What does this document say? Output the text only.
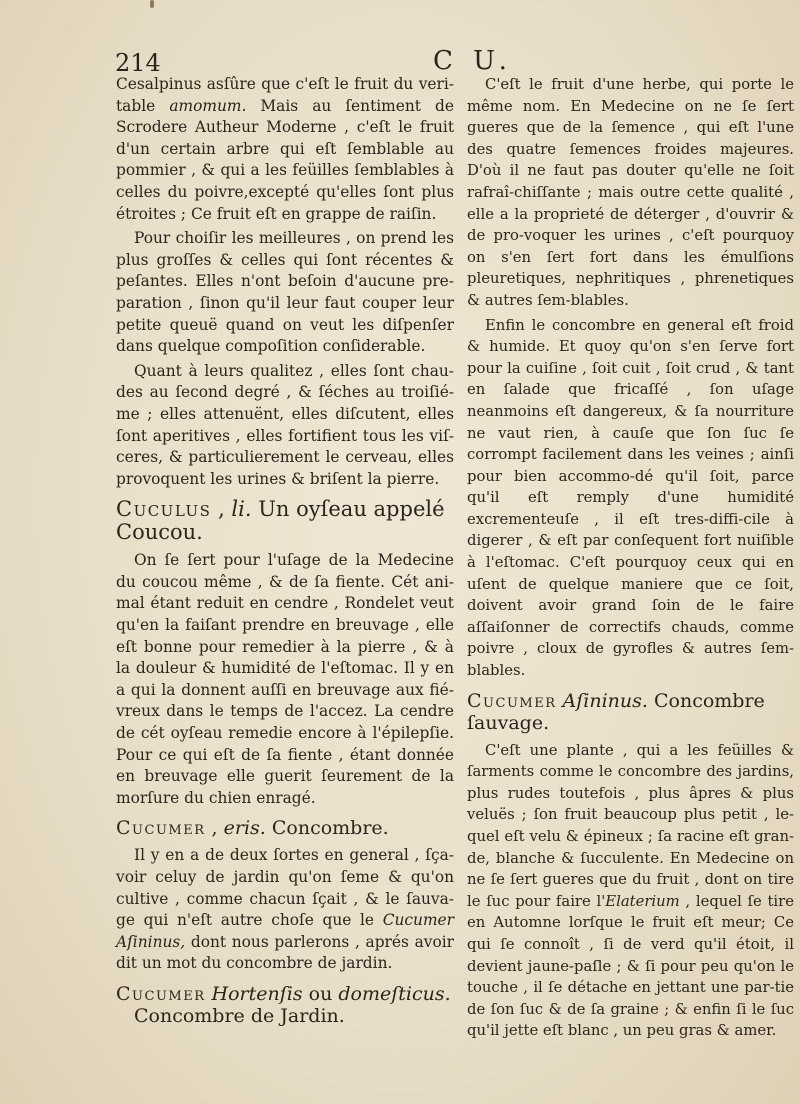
214	C U.

Cesalpinus asſûre que c'eſt le fruit du veri-table amomum. Mais au ſentiment de Scrodere Autheur Moderne , c'eſt le fruit d'un certain arbre qui eſt ſemblable au pommier , & qui a les feüilles ſemblables à celles du poivre,excepté qu'elles ſont plus étroites ; Ce fruit eſt en grappe de raiſin.

Pour choiſir les meilleures , on prend les plus groſſes & celles qui ſont récentes & peſantes. Elles n'ont beſoin d'aucune pre-paration , ſinon qu'il leur faut couper leur petite queuë quand on veut les diſpenſer dans quelque compoſition conſiderable.

Quant à leurs qualitez , elles ſont chau-des au ſecond degré , & ſéches au troiſié-me ; elles attenuënt, elles diſcutent, elles ſont aperitives , elles fortifient tous les viſ-ceres, & particulierement le cerveau, elles provoquent les urines & briſent la pierre.

Cuculus , li. Un oyſeau appelé Coucou.

On ſe ſert pour l'uſage de la Medecine du coucou même , & de ſa fiente. Cét ani-mal étant reduit en cendre , Rondelet veut qu'en la faiſant prendre en breuvage , elle eſt bonne pour remedier à la pierre , & à la douleur & humidité de l'eſtomac. Il y en a qui la donnent auſſi en breuvage aux fié-vreux dans le temps de l'accez. La cendre de cét oyſeau remedie encore à l'épilepſie. Pour ce qui eſt de ſa fiente , étant donnée en breuvage elle guerit ſeurement de la morſure du chien enragé.

Cucumer , eris. Concombre.

Il y en a de deux ſortes en general , ſça-voir celuy de jardin qu'on ſeme & qu'on cultive , comme chacun ſçait , & le ſauva-ge qui n'eſt autre choſe que le Cucumer Aſininus, dont nous parlerons , aprés avoir dit un mot du concombre de jardin.

Cucumer Hortenſis ou domeſticus.
Concombre de Jardin.

C'eſt le fruit d'une herbe, qui porte le même nom. En Medecine on ne ſe ſert gueres que de la ſemence , qui eſt l'une des quatre ſemences froides majeures. D'où il ne faut pas douter qu'elle ne ſoit rafraî-chiſſante ; mais outre cette qualité , elle a la proprieté de déterger , d'ouvrir & de pro-voquer les urines , c'eſt pourquoy on s'en ſert fort dans les émulſions pleuretiques, nephritiques , phrenetiques & autres ſem-blables.

Enfin le concombre en general eſt froid & humide. Et quoy qu'on s'en ſerve fort pour la cuiſine , ſoit cuit , ſoit crud , & tant en ſalade que fricaſſé , ſon uſage neanmoins eſt dangereux, & ſa nourriture ne vaut rien, à cauſe que ſon ſuc ſe corrompt facilement dans les veines ; ainſi pour bien accommo-dé qu'il ſoit, parce qu'il eſt remply d'une humidité excrementeuſe , il eſt tres-diffi-cile à digerer , & eſt par conſequent fort nuiſible à l'eſtomac. C'eſt pourquoy ceux qui en uſent de quelque maniere que ce ſoit, doivent avoir grand ſoin de le faire aſſaiſonner de correctifs chauds, comme poivre , cloux de gyrofles & autres ſem-blables.

Cucumer Aſininus. Concombre ſauvage.

C'eſt une plante , qui a les feüilles & ſarments comme le concombre des jardins, plus rudes toutefois , plus âpres & plus veluës ; ſon fruit beaucoup plus petit , le-quel eſt velu & épineux ; ſa racine eſt gran-de, blanche & ſucculente. En Medecine on ne ſe ſert gueres que du fruit , dont on tire le ſuc pour faire l'Elaterium , lequel ſe tire en Automne lorſque le fruit eſt meur; Ce qui ſe connoît , ſi de verd qu'il étoit, il devient jaune-paſle ; & ſi pour peu qu'on le touche , il ſe détache en jettant une par-tie de ſon ſuc & de ſa graine ; & enfin ſi le ſuc qu'il jette eſt blanc , un peu gras & amer.
